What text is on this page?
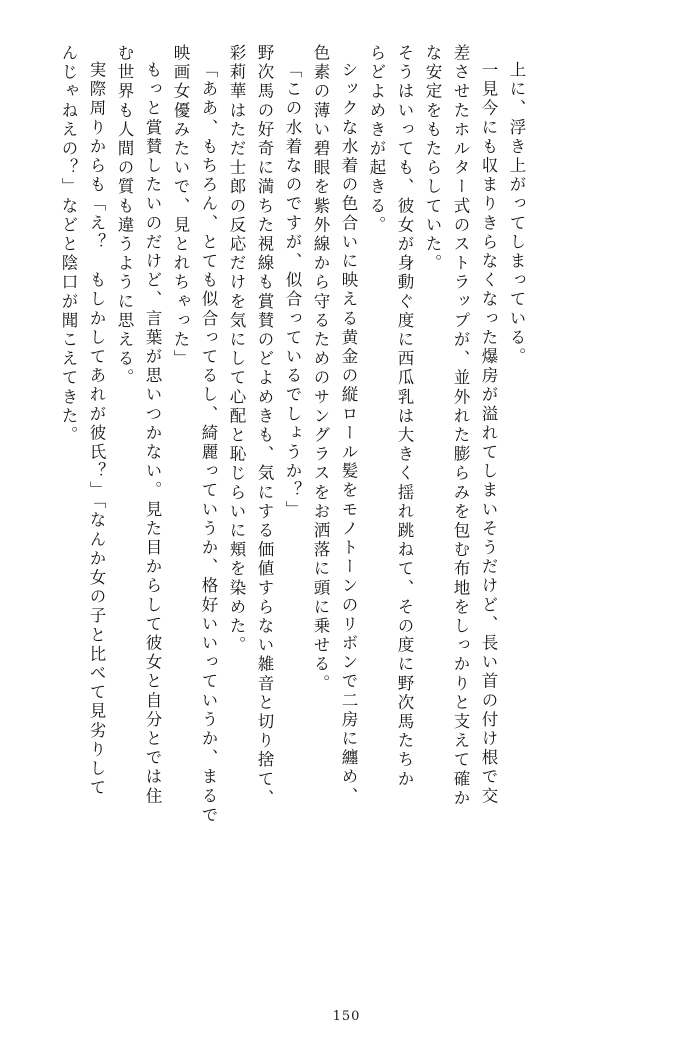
んじゃねえの？」などと陰口が聞こえてきた。 実際周りからも「え？　もしかしてあれが彼氏？」「なんか女の子と比べて見劣りして む世界も人間の質も違うように思える。 もっと賞賛したいのだけど、言葉が思いつかない。見た目からして彼女と自分とでは住 映画女優みたいで、見とれちゃった」 「ああ、もちろん、とても似合ってるし、綺麗っていうか、格好いいっていうか、まるで 彩莉華はただ士郎の反応だけを気にして心配と恥じらいに頬を染めた。 野次馬の好奇に満ちた視線も賞賛のどよめきも、気にする価値すらない雑音と切り捨て、 「この水着なのですが、似合っているでしょうか？」 色素の薄い碧眼を紫外線から守るためのサングラスをお洒落に頭に乗せる。 シックな水着の色合いに映える黄金の縦ロール髪をモノトーンのリボンで二房に纏め、 らどよめきが起きる。 そうはいっても、彼女が身動ぐ度に西瓜乳は大きく揺れ跳ねて、その度に野次馬たちか な安定をもたらしていた。 差させたホルター式のストラップが、並外れた膨らみを包む布地をしっかりと支えて確か 一見今にも収まりきらなくなった爆房が溢れてしまいそうだけど、長い首の付け根で交 上に、浮き上がってしまっている。
150
